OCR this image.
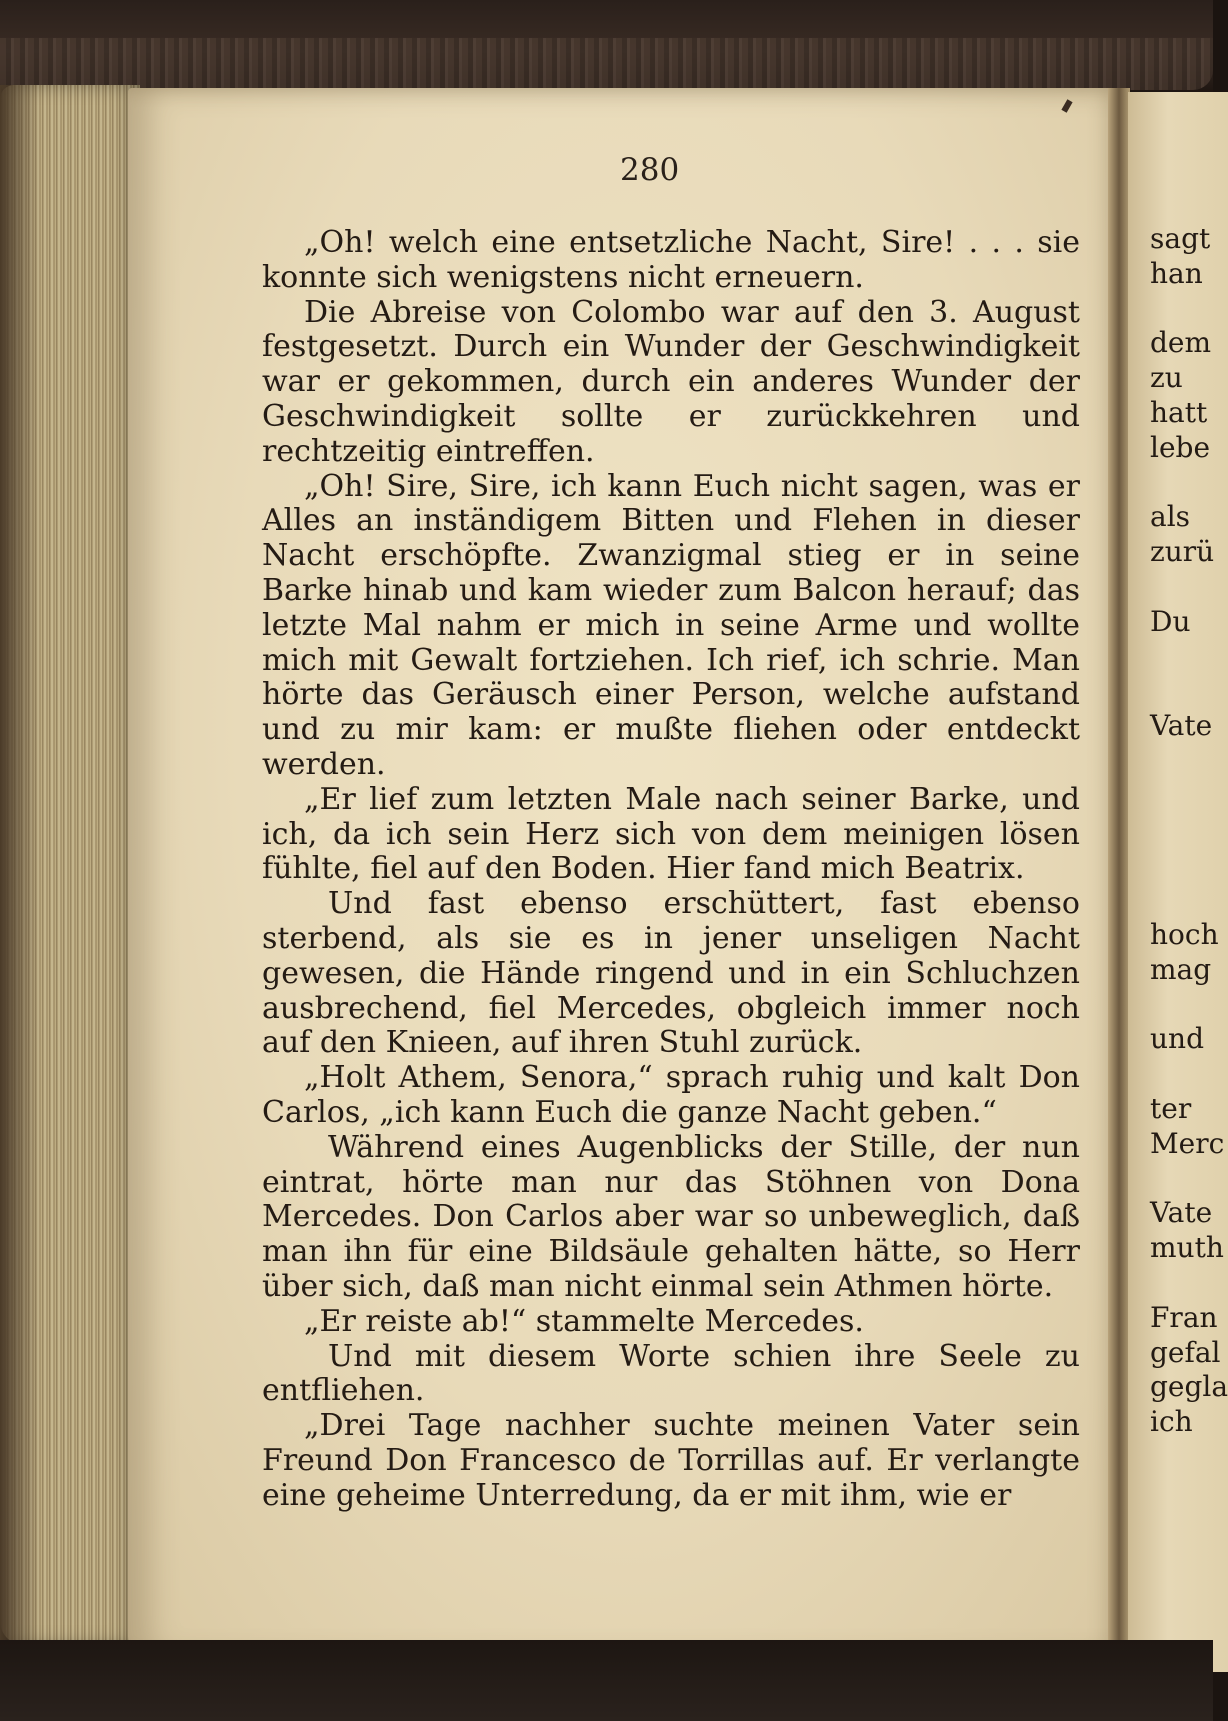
280

„Oh! welch eine entsetzliche Nacht, Sire! . . . sie konnte sich wenigstens nicht erneuern.

Die Abreise von Colombo war auf den 3. August festgesetzt. Durch ein Wunder der Geschwindigkeit war er gekommen, durch ein anderes Wunder der Geschwindigkeit sollte er zurückkehren und rechtzeitig eintreffen.

„Oh! Sire, Sire, ich kann Euch nicht sagen, was er Alles an inständigem Bitten und Flehen in dieser Nacht erschöpfte. Zwanzigmal stieg er in seine Barke hinab und kam wieder zum Balcon herauf; das letzte Mal nahm er mich in seine Arme und wollte mich mit Gewalt fortziehen. Ich rief, ich schrie. Man hörte das Geräusch einer Person, welche aufstand und zu mir kam: er mußte fliehen oder entdeckt werden.

„Er lief zum letzten Male nach seiner Barke, und ich, da ich sein Herz sich von dem meinigen lösen fühlte, fiel auf den Boden. Hier fand mich Beatrix.

Und fast ebenso erschüttert, fast ebenso sterbend, als sie es in jener unseligen Nacht gewesen, die Hände ringend und in ein Schluchzen ausbrechend, fiel Mercedes, obgleich immer noch auf den Knieen, auf ihren Stuhl zurück.

„Holt Athem, Senora,“ sprach ruhig und kalt Don Carlos, „ich kann Euch die ganze Nacht geben.“

Während eines Augenblicks der Stille, der nun eintrat, hörte man nur das Stöhnen von Dona Mercedes. Don Carlos aber war so unbeweglich, daß man ihn für eine Bildsäule gehalten hätte, so Herr über sich, daß man nicht einmal sein Athmen hörte.

„Er reiste ab!“ stammelte Mercedes.

Und mit diesem Worte schien ihre Seele zu entfliehen.

„Drei Tage nachher suchte meinen Vater sein Freund Don Francesco de Torrillas auf. Er verlangte eine geheime Unterredung, da er mit ihm, wie er

sagt
han

dem
zu
hatt
lebe

als
zurü

Du

Vate

hoch
mag

und

ter
Merc

Vate
muth

Fran
gefal
gegla
ich
